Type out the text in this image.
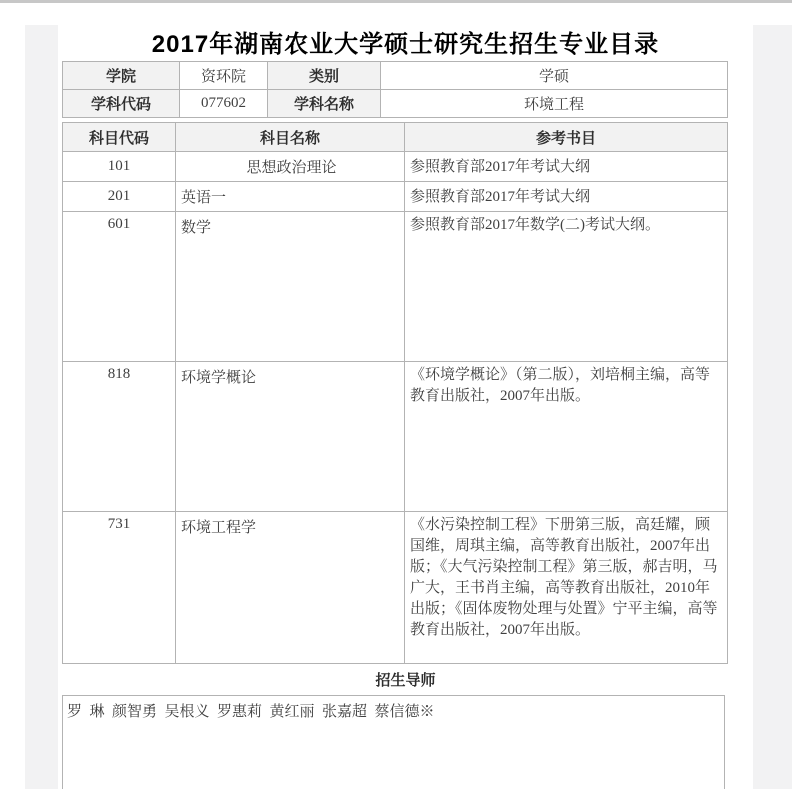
2017年湖南农业大学硕士研究生招生专业目录
学院	资环院	类别	学硕
学科代码	077602	学科名称	环境工程
科目代码	科目名称	参考书目
101	思想政治理论	参照教育部2017年考试大纲
201	英语一	参照教育部2017年考试大纲
601	数学	参照教育部2017年数学(二)考试大纲。
818	环境学概论	《环境学概论》（第二版），刘培桐主编，高等教育出版社，2007年出版。
731	环境工程学	《水污染控制工程》下册第三版，高廷耀，顾国维，周琪主编，高等教育出版社，2007年出版；《大气污染控制工程》第三版，郝吉明，马广大，王书肖主编，高等教育出版社，2010年出版；《固体废物处理与处置》宁平主编，高等教育出版社，2007年出版。
招生导师
罗  琳  颜智勇  吴根义  罗惠莉  黄红丽  张嘉超  蔡信德※
